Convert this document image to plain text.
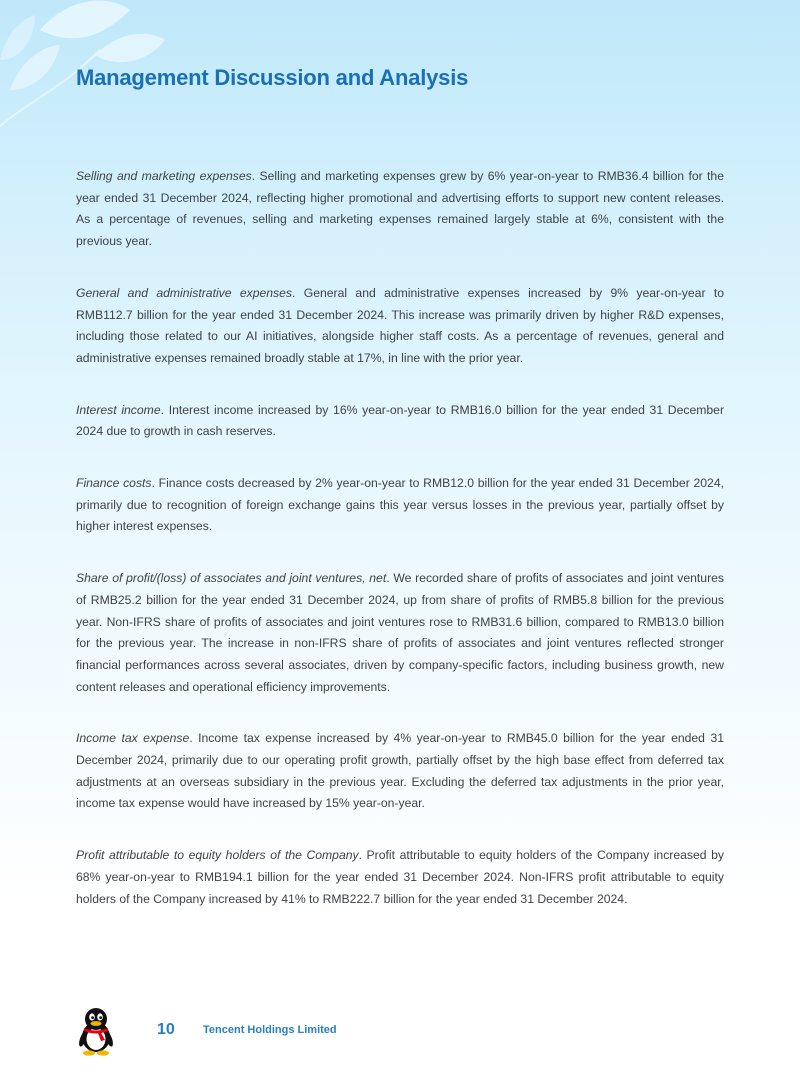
Management Discussion and Analysis

Selling and marketing expenses. Selling and marketing expenses grew by 6% year-on-year to RMB36.4 billion for the year ended 31 December 2024, reflecting higher promotional and advertising efforts to support new content releases. As a percentage of revenues, selling and marketing expenses remained largely stable at 6%, consistent with the previous year.

General and administrative expenses. General and administrative expenses increased by 9% year-on-year to RMB112.7 billion for the year ended 31 December 2024. This increase was primarily driven by higher R&D expenses, including those related to our AI initiatives, alongside higher staff costs. As a percentage of revenues, general and administrative expenses remained broadly stable at 17%, in line with the prior year.

Interest income. Interest income increased by 16% year-on-year to RMB16.0 billion for the year ended 31 December 2024 due to growth in cash reserves.

Finance costs. Finance costs decreased by 2% year-on-year to RMB12.0 billion for the year ended 31 December 2024, primarily due to recognition of foreign exchange gains this year versus losses in the previous year, partially offset by higher interest expenses.

Share of profit/(loss) of associates and joint ventures, net. We recorded share of profits of associates and joint ventures of RMB25.2 billion for the year ended 31 December 2024, up from share of profits of RMB5.8 billion for the previous year. Non-IFRS share of profits of associates and joint ventures rose to RMB31.6 billion, compared to RMB13.0 billion for the previous year. The increase in non-IFRS share of profits of associates and joint ventures reflected stronger financial performances across several associates, driven by company-specific factors, including business growth, new content releases and operational efficiency improvements.

Income tax expense. Income tax expense increased by 4% year-on-year to RMB45.0 billion for the year ended 31 December 2024, primarily due to our operating profit growth, partially offset by the high base effect from deferred tax adjustments at an overseas subsidiary in the previous year. Excluding the deferred tax adjustments in the prior year, income tax expense would have increased by 15% year-on-year.

Profit attributable to equity holders of the Company. Profit attributable to equity holders of the Company increased by 68% year-on-year to RMB194.1 billion for the year ended 31 December 2024. Non-IFRS profit attributable to equity holders of the Company increased by 41% to RMB222.7 billion for the year ended 31 December 2024.

10	Tencent Holdings Limited
